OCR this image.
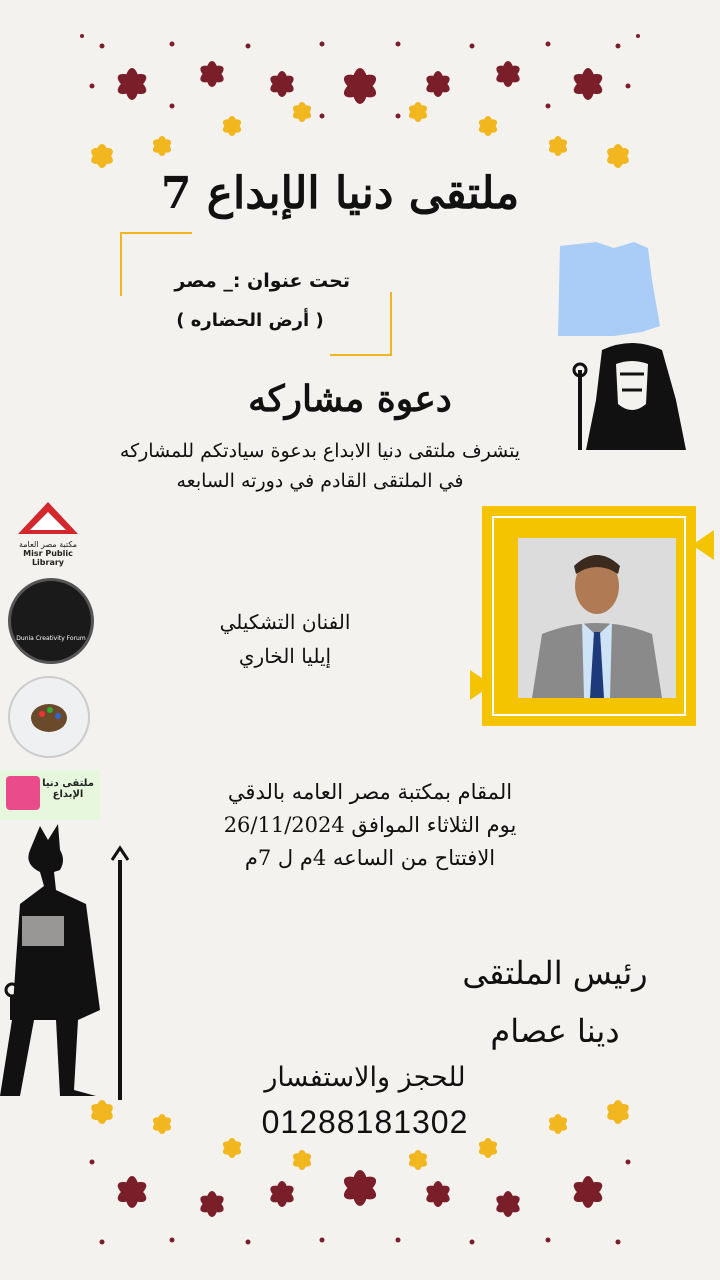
ملتقى دنيا الإبداع 7
تحت عنوان :_ مصر
( أرض الحضاره )
دعوة مشاركه
يتشرف ملتقى دنيا الابداع بدعوة سيادتكم للمشاركه
في الملتقى القادم في دورته السابعه
مكتبة مصر العامة
Misr Public Library
Dunia Creativity Forum
ملتقى دنيا الإبداع
الفنان التشكيلي
إيليا الخاري
المقام بمكتبة مصر العامه بالدقي
يوم الثلاثاء الموافق 26/11/2024
الافتتاح من الساعه 4م ل 7م
رئيس الملتقى
دينا عصام
للحجز والاستفسار
01288181302
